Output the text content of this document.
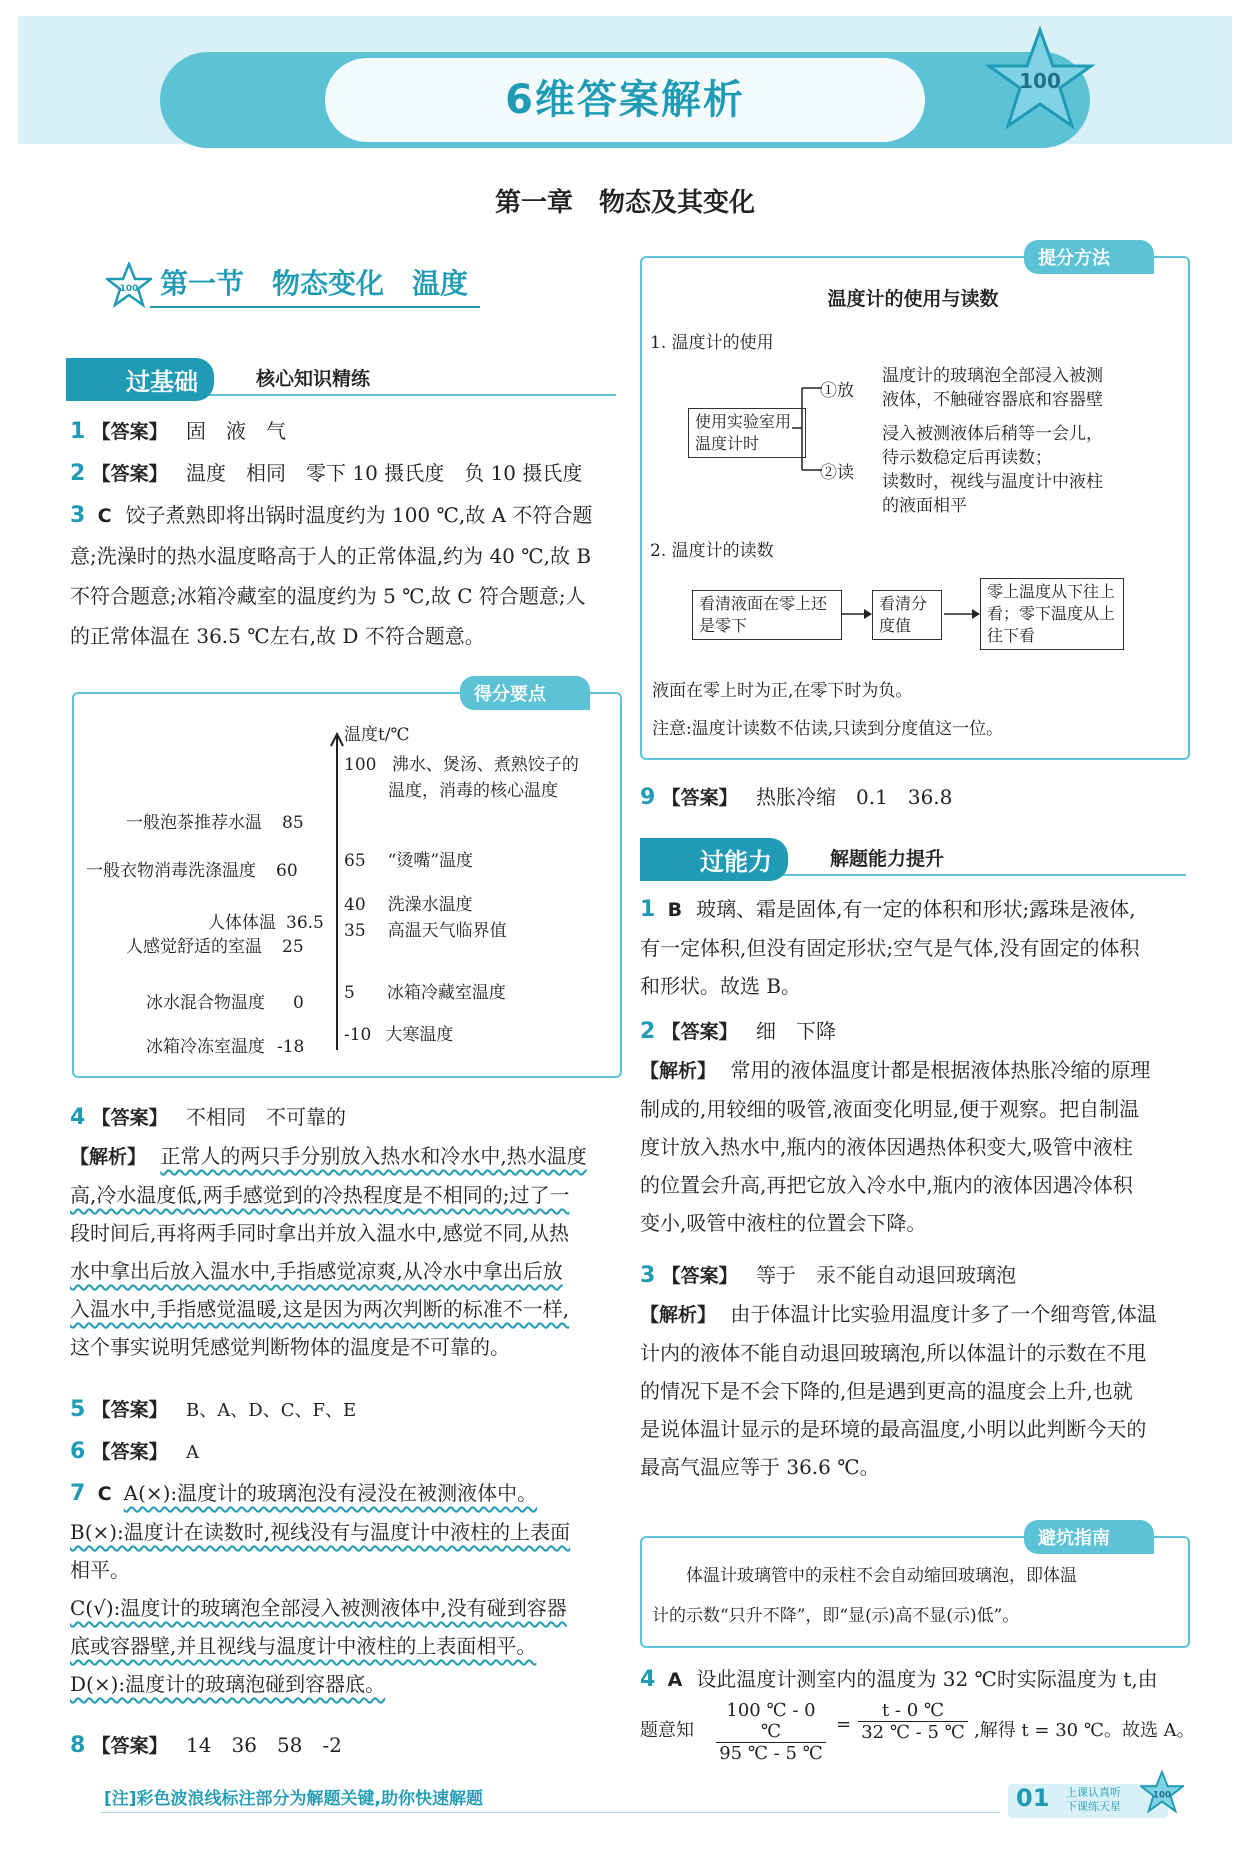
6维答案解析	100
第一章　物态及其变化
100 第一节　物态变化　温度
过基础	核心知识精练
1 【答案】 固　液　气
2 【答案】 温度　相同　零下 10 摄氏度　负 10 摄氏度
3 C 饺子煮熟即将出锅时温度约为 100 ℃,故 A 不符合题
意;洗澡时的热水温度略高于人的正常体温,约为 40 ℃,故 B
不符合题意;冰箱冷藏室的温度约为 5 ℃,故 C 符合题意;人
的正常体温在 36.5 ℃左右,故 D 不符合题意。
得分要点
温度t/℃
100 沸水、煲汤、煮熟饺子的
温度，消毒的核心温度
65 “烫嘴”温度
40 洗澡水温度
35 高温天气临界值
5 冰箱冷藏室温度
-10 大寒温度
一般泡茶推荐水温 85
一般衣物消毒洗涤温度 60
人体体温 36.5
人感觉舒适的室温 25
冰水混合物温度 0
冰箱冷冻室温度 -18
4 【答案】 不相同　不可靠的
【解析】 正常人的两只手分别放入热水和冷水中,热水温度
高,冷水温度低,两手感觉到的冷热程度是不相同的;过了一
段时间后,再将两手同时拿出并放入温水中,感觉不同,从热
水中拿出后放入温水中,手指感觉凉爽,从冷水中拿出后放
入温水中,手指感觉温暖,这是因为两次判断的标准不一样,
这个事实说明凭感觉判断物体的温度是不可靠的。
5 【答案】 B、A、D、C、F、E
6 【答案】 A
7 C A(×):温度计的玻璃泡没有浸没在被测液体中。
B(×):温度计在读数时,视线没有与温度计中液柱的上表面
相平。
C(√):温度计的玻璃泡全部浸入被测液体中,没有碰到容器
底或容器壁,并且视线与温度计中液柱的上表面相平。
D(×):温度计的玻璃泡碰到容器底。
8 【答案】 14　36　58　-2
提分方法
温度计的使用与读数
1. 温度计的使用
使用实验室用温度计时
①放
温度计的玻璃泡全部浸入被测
液体，不触碰容器底和容器壁
②读
浸入被测液体后稍等一会儿，
待示数稳定后再读数；
读数时，视线与温度计中液柱
的液面相平
2. 温度计的读数
看清液面在零上还是零下
看清分度值
零上温度从下往上看；零下温度从上往下看
液面在零上时为正,在零下时为负。
注意:温度计读数不估读,只读到分度值这一位。
9 【答案】 热胀冷缩　0.1　36.8
过能力	解题能力提升
1 B 玻璃、霜是固体,有一定的体积和形状;露珠是液体,
有一定体积,但没有固定形状;空气是气体,没有固定的体积
和形状。故选 B。
2 【答案】 细　下降
【解析】 常用的液体温度计都是根据液体热胀冷缩的原理
制成的,用较细的吸管,液面变化明显,便于观察。把自制温
度计放入热水中,瓶内的液体因遇热体积变大,吸管中液柱
的位置会升高,再把它放入冷水中,瓶内的液体因遇冷体积
变小,吸管中液柱的位置会下降。
3 【答案】 等于　汞不能自动退回玻璃泡
【解析】 由于体温计比实验用温度计多了一个细弯管,体温
计内的液体不能自动退回玻璃泡,所以体温计的示数在不甩
的情况下是不会下降的,但是遇到更高的温度会上升,也就
是说体温计显示的是环境的最高温度,小明以此判断今天的
最高气温应等于 36.6 ℃。
避坑指南
体温计玻璃管中的汞柱不会自动缩回玻璃泡，即体温
计的示数“只升不降”，即“显(示)高不显(示)低”。
4 A 设此温度计测室内的温度为 32 ℃时实际温度为 t,由
题意知
100 ℃ - 0 ℃
95 ℃ - 5 ℃
=
t - 0 ℃
32 ℃ - 5 ℃ ,解得 t = 30 ℃。故选 A。
[注]彩色波浪线标注部分为解题关键,助你快速解题	01 上课认真听
下课练天星
100
